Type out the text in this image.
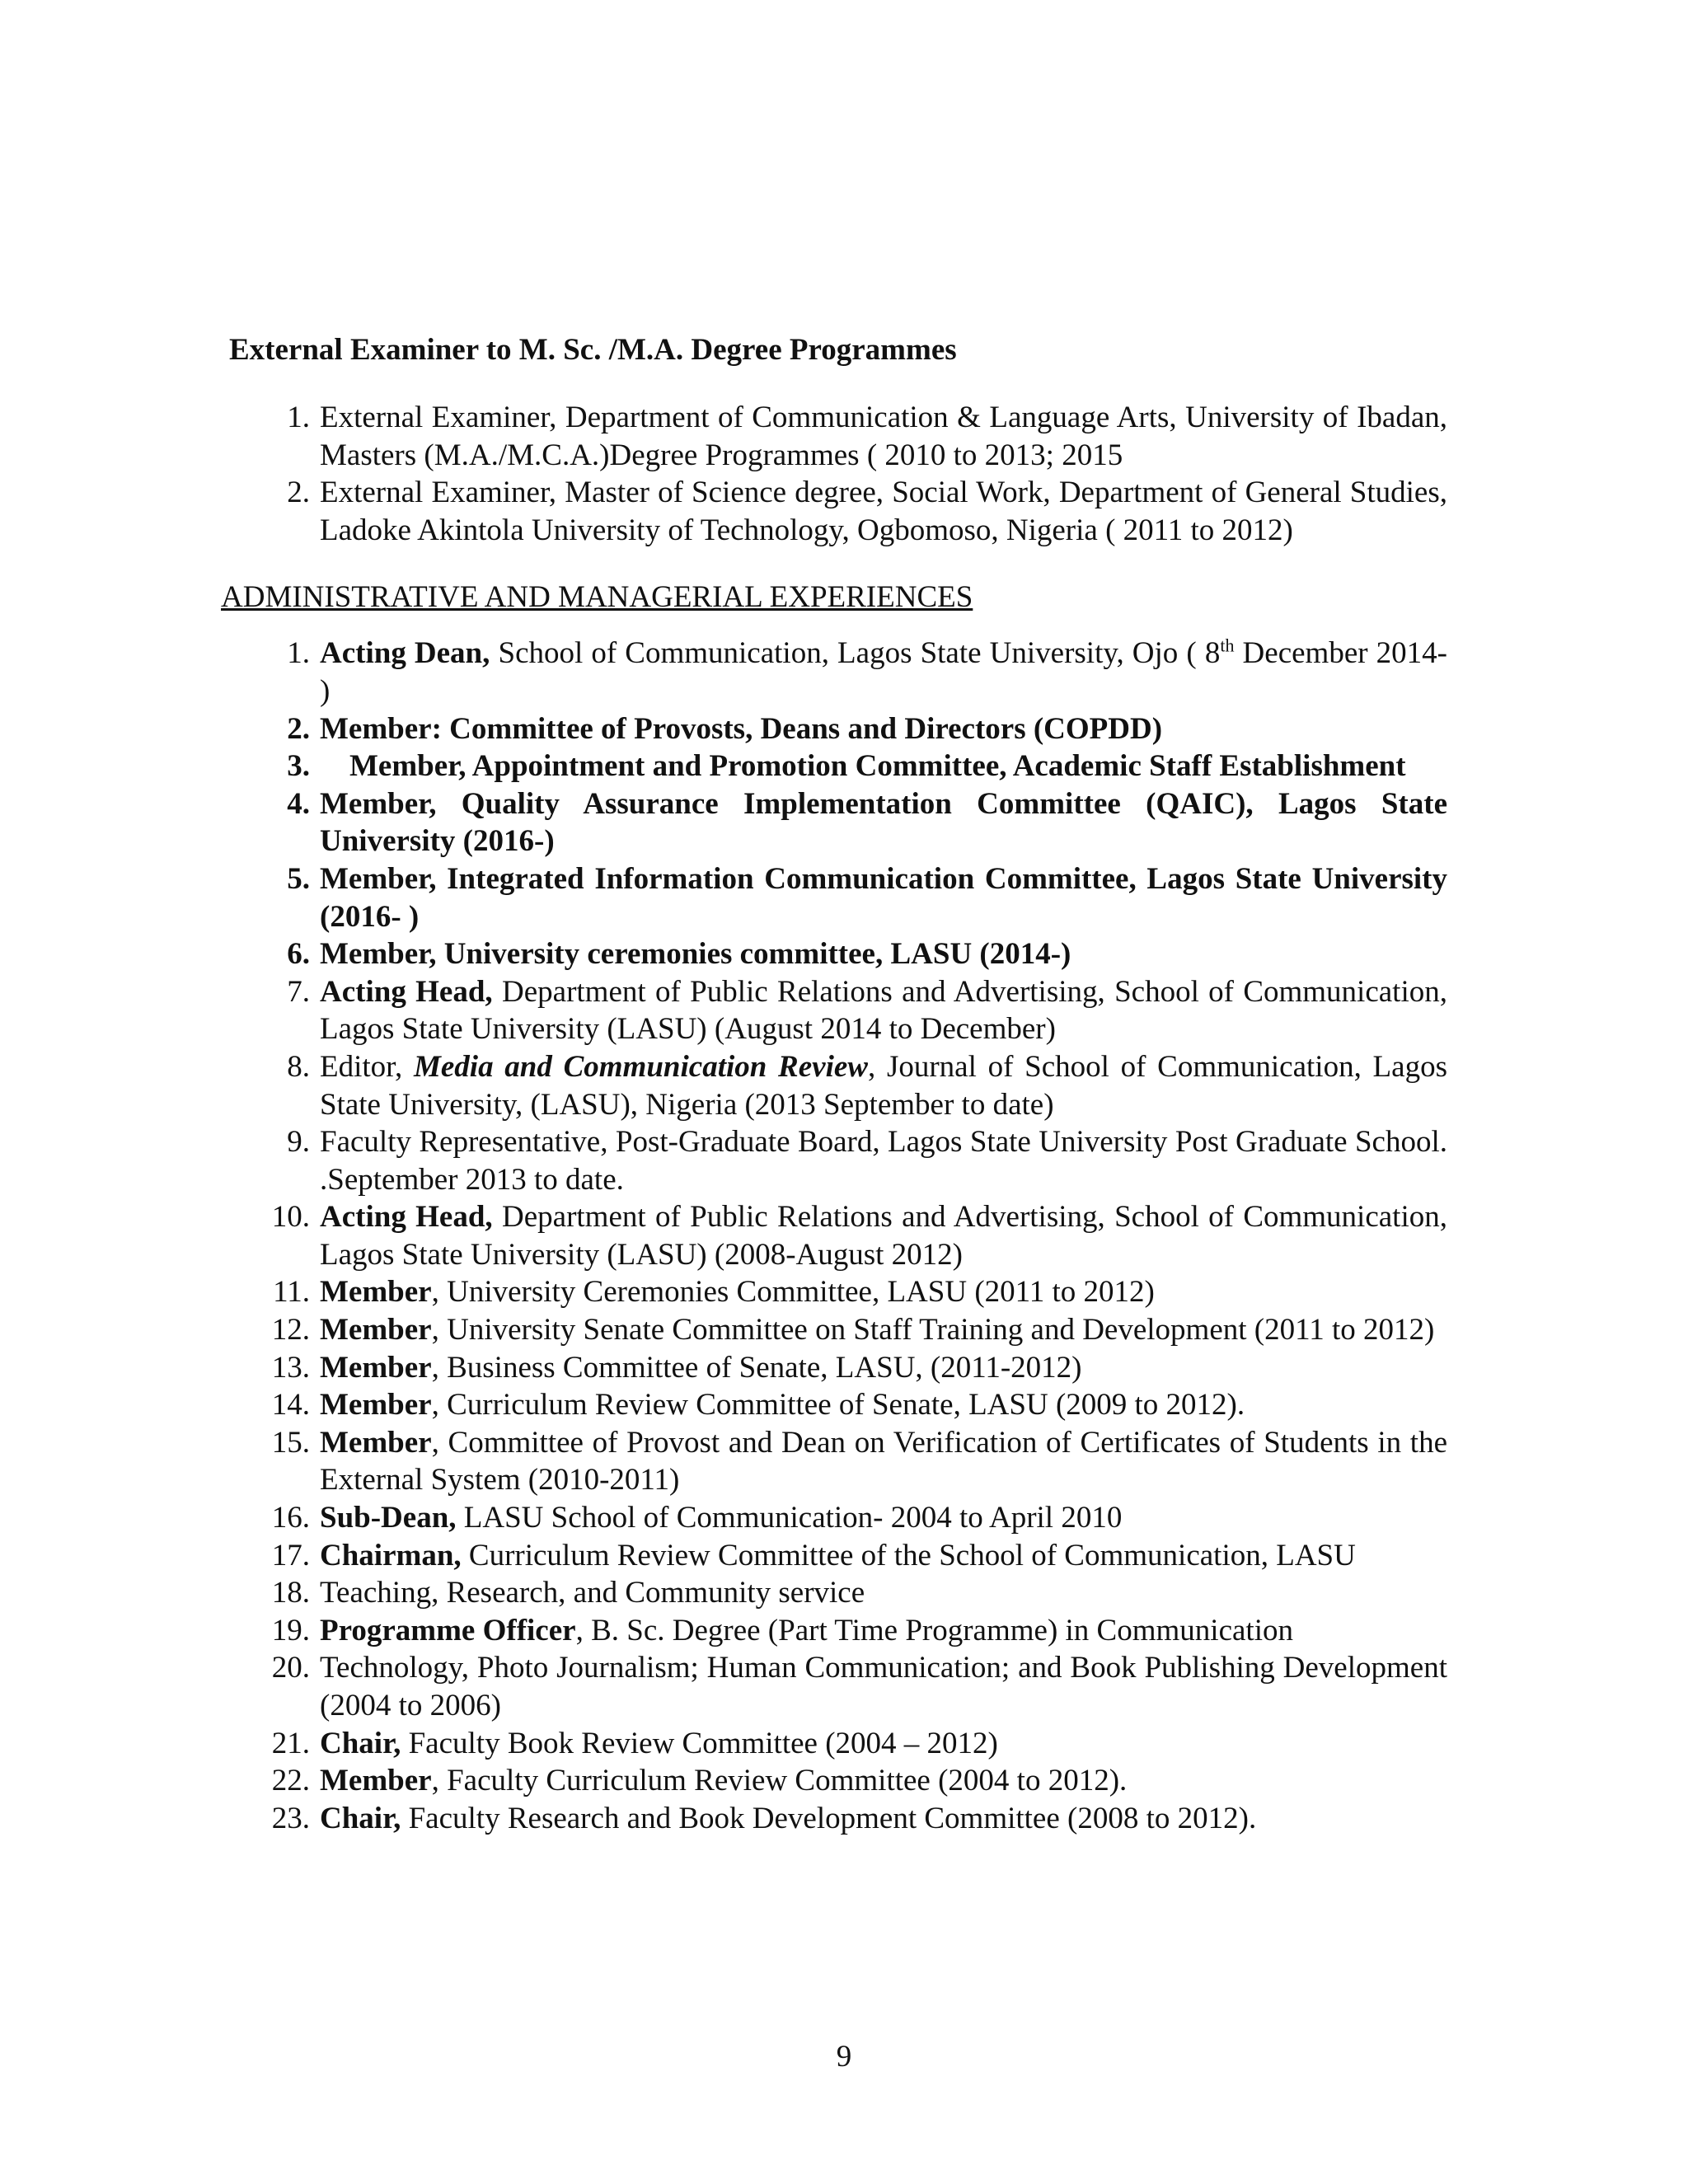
External Examiner to M. Sc. /M.A. Degree Programmes
1. External Examiner, Department of Communication & Language Arts, University of Ibadan, Masters (M.A./M.C.A.)Degree Programmes ( 2010 to 2013; 2015
2. External Examiner, Master of Science degree, Social Work, Department of General Studies, Ladoke Akintola University of Technology, Ogbomoso, Nigeria ( 2011 to 2012)
ADMINISTRATIVE AND MANAGERIAL EXPERIENCES
1. Acting Dean, School of Communication, Lagos State University, Ojo ( 8th December 2014- )
2. Member: Committee of Provosts, Deans and Directors (COPDD)
3. Member, Appointment and Promotion Committee, Academic Staff Establishment
4. Member, Quality Assurance Implementation Committee (QAIC), Lagos State University (2016-)
5. Member, Integrated Information Communication Committee, Lagos State University (2016- )
6. Member, University ceremonies committee, LASU (2014-)
7. Acting Head, Department of Public Relations and Advertising, School of Communication, Lagos State University (LASU) (August 2014 to December)
8. Editor, Media and Communication Review, Journal of School of Communication, Lagos State University, (LASU), Nigeria (2013 September to date)
9. Faculty Representative, Post-Graduate Board, Lagos State University Post Graduate School. .September 2013 to date.
10. Acting Head, Department of Public Relations and Advertising, School of Communication, Lagos State University (LASU) (2008-August 2012)
11. Member, University Ceremonies Committee, LASU (2011 to 2012)
12. Member, University Senate Committee on Staff Training and Development (2011 to 2012)
13. Member, Business Committee of Senate, LASU, (2011-2012)
14. Member, Curriculum Review Committee of Senate, LASU (2009 to 2012).
15. Member, Committee of Provost and Dean on Verification of Certificates of Students in the External System (2010-2011)
16. Sub-Dean, LASU School of Communication- 2004 to April 2010
17. Chairman, Curriculum Review Committee of the School of Communication, LASU
18. Teaching, Research, and Community service
19. Programme Officer, B. Sc. Degree (Part Time Programme) in Communication
20. Technology, Photo Journalism; Human Communication; and Book Publishing Development (2004 to 2006)
21. Chair, Faculty Book Review Committee (2004 – 2012)
22. Member, Faculty Curriculum Review Committee (2004 to 2012).
23. Chair, Faculty Research and Book Development Committee (2008 to 2012).
9
